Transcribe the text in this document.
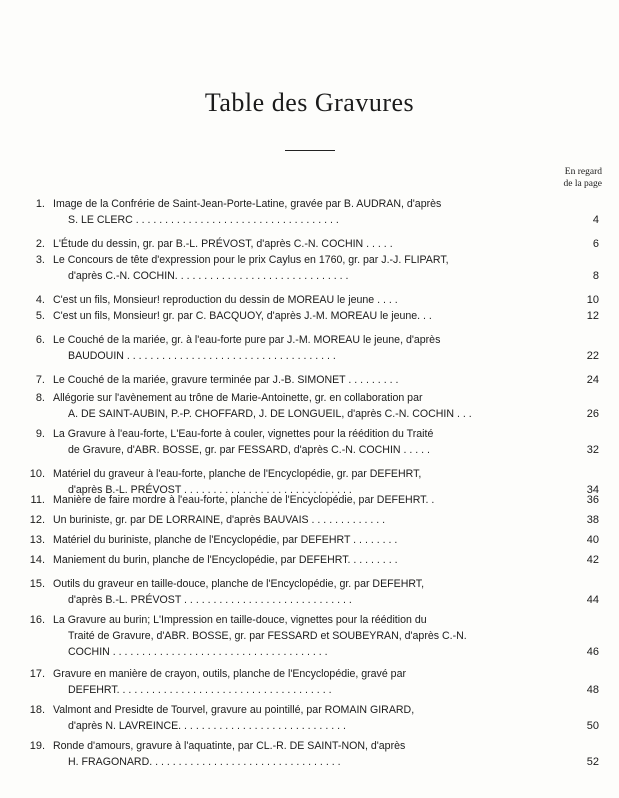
Table des Gravures
En regard
de la page
1. Image de la Confrérie de Saint-Jean-Porte-Latine, gravée par B. AUDRAN, d'après
S. LE CLERC . . . . . . . . . . . . . . . . . . . . . . . . . . . . . . . . . . .	4
2. L'Étude du dessin, gr. par B.-L. PRÉVOST, d'après C.-N. COCHIN . . . . .	6
3. Le Concours de tête d'expression pour le prix Caylus en 1760, gr. par J.-J. FLIPART,
d'après C.-N. COCHIN. . . . . . . . . . . . . . . . . . . . . . . . . . . . . .	8
4. C'est un fils, Monsieur! reproduction du dessin de MOREAU le jeune . . . .	10
5. C'est un fils, Monsieur! gr. par C. BACQUOY, d'après J.-M. MOREAU le jeune. . .	12
6. Le Couché de la mariée, gr. à l'eau-forte pure par J.-M. MOREAU le jeune, d'après
BAUDOUIN . . . . . . . . . . . . . . . . . . . . . . . . . . . . . . . . . . . .	22
7. Le Couché de la mariée, gravure terminée par J.-B. SIMONET . . . . . . . . .	24
8. Allégorie sur l'avènement au trône de Marie-Antoinette, gr. en collaboration par
A. DE SAINT-AUBIN, P.-P. CHOFFARD, J. DE LONGUEIL, d'après C.-N. COCHIN . . .	26
9. La Gravure à l'eau-forte, L'Eau-forte à couler, vignettes pour la réédition du Traité
de Gravure, d'ABR. BOSSE, gr. par FESSARD, d'après C.-N. COCHIN . . . . .	32
10. Matériel du graveur à l'eau-forte, planche de l'Encyclopédie, gr. par DEFEHRT,
d'après B.-L. PRÉVOST . . . . . . . . . . . . . . . . . . . . . . . . . . . . .	34
11. Manière de faire mordre à l'eau-forte, planche de l'Encyclopédie, par DEFEHRT. .	36
12. Un buriniste, gr. par DE LORRAINE, d'après BAUVAIS . . . . . . . . . . . . .	38
13. Matériel du buriniste, planche de l'Encyclopédie, par DEFEHRT . . . . . . . .	40
14. Maniement du burin, planche de l'Encyclopédie, par DEFEHRT. . . . . . . . .	42
15. Outils du graveur en taille-douce, planche de l'Encyclopédie, gr. par DEFEHRT,
d'après B.-L. PRÉVOST . . . . . . . . . . . . . . . . . . . . . . . . . . . . .	44
16. La Gravure au burin; L'Impression en taille-douce, vignettes pour la réédition du
Traité de Gravure, d'ABR. BOSSE, gr. par FESSARD et SOUBEYRAN, d'après C.-N.
COCHIN . . . . . . . . . . . . . . . . . . . . . . . . . . . . . . . . . . . . .	46
17. Gravure en manière de crayon, outils, planche de l'Encyclopédie, gravé par
DEFEHRT. . . . . . . . . . . . . . . . . . . . . . . . . . . . . . . . . . . . .	48
18. Valmont and Presidte de Tourvel, gravure au pointillé, par ROMAIN GIRARD,
d'après N. LAVREINCE. . . . . . . . . . . . . . . . . . . . . . . . . . . . .	50
19. Ronde d'amours, gravure à l'aquatinte, par CL.-R. DE SAINT-NON, d'après
H. FRAGONARD. . . . . . . . . . . . . . . . . . . . . . . . . . . . . . . . .	52
